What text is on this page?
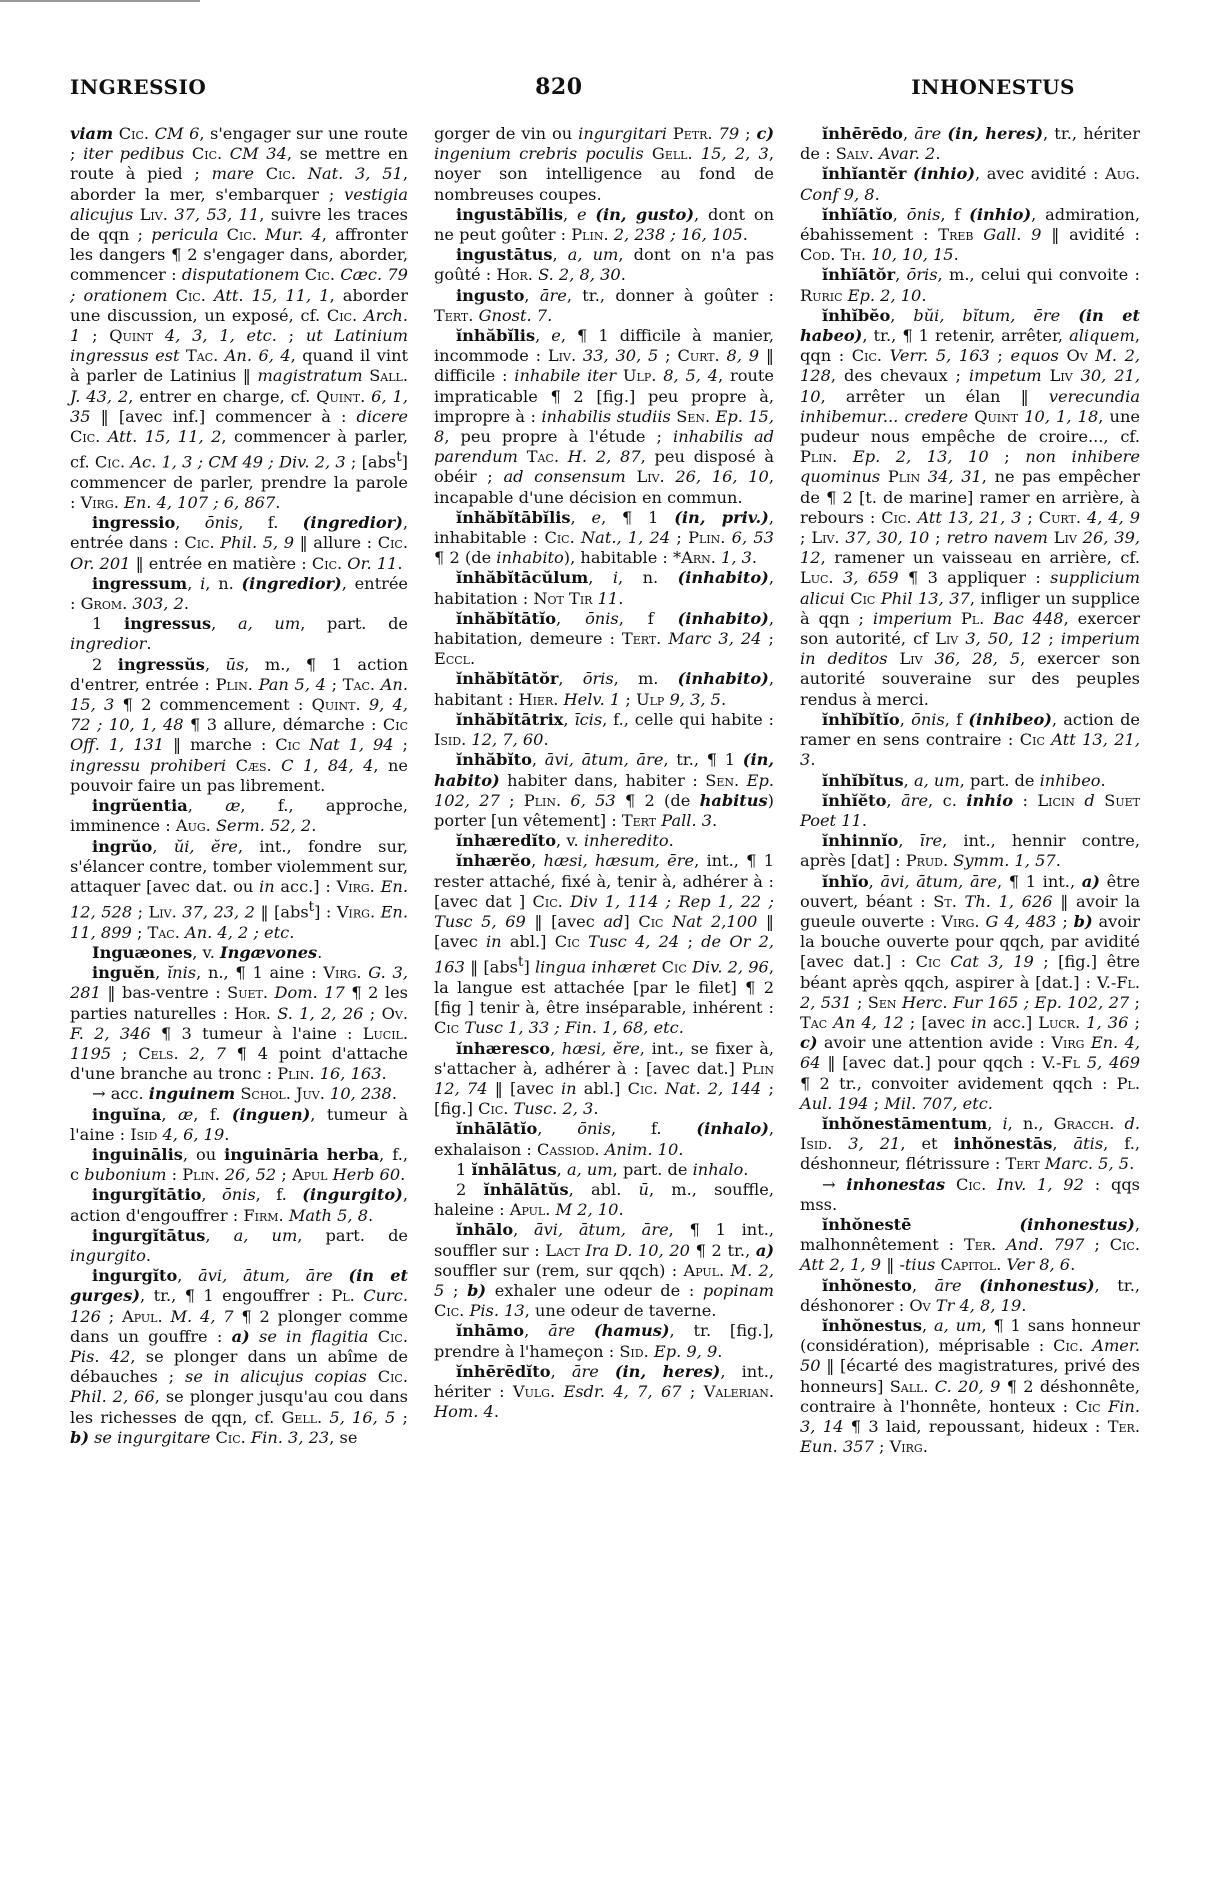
INGRESSIO	820	INHONESTUS

viam Cic. CM 6, s'engager sur une route ; iter pedibus Cic. CM 34, se mettre en route à pied ; mare Cic. Nat. 3, 51, aborder la mer, s'embarquer ; vestigia alicujus Liv. 37, 53, 11, suivre les traces de qqn ; pericula Cic. Mur. 4, affronter les dangers ¶ 2 s'engager dans, aborder, commencer : disputationem Cic. Cæc. 79 ; orationem Cic. Att. 15, 11, 1, aborder une discussion, un exposé, cf. Cic. Arch. 1 ; Quint 4, 3, 1, etc. ; ut Latinium ingressus est Tac. An. 6, 4, quand il vint à parler de Latinius ‖ magistratum Sall. J. 43, 2, entrer en charge, cf. Quint. 6, 1, 35 ‖ [avec inf.] commencer à : dicere Cic. Att. 15, 11, 2, commencer à parler, cf. Cic. Ac. 1, 3 ; CM 49 ; Div. 2, 3 ; [abs$^t$] commencer de parler, prendre la parole : Virg. En. 4, 107 ; 6, 867.

ingressio, ōnis, f. (ingredior), entrée dans : Cic. Phil. 5, 9 ‖ allure : Cic. Or. 201 ‖ entrée en matière : Cic. Or. 11.

ingressum, i, n. (ingredior), entrée : Grom. 303, 2.

1 ingressus, a, um, part. de ingredior.

2 ingressŭs, ūs, m., ¶ 1 action d'entrer, entrée : Plin. Pan 5, 4 ; Tac. An. 15, 3 ¶ 2 commencement : Quint. 9, 4, 72 ; 10, 1, 48 ¶ 3 allure, démarche : Cic Off. 1, 131 ‖ marche : Cic Nat 1, 94 ; ingressu prohiberi Cæs. C 1, 84, 4, ne pouvoir faire un pas librement.

ingrŭentia, æ, f., approche, imminence : Aug. Serm. 52, 2.

ingrŭo, ŭi, ĕre, int., fondre sur, s'élancer contre, tomber violemment sur, attaquer [avec dat. ou in acc.] : Virg. En. 12, 528 ; Liv. 37, 23, 2 ‖ [abs$^t$] : Virg. En. 11, 899 ; Tac. An. 4, 2 ; etc.

Inguæones, v. Ingævones.

inguĕn, ĭnis, n., ¶ 1 aine : Virg. G. 3, 281 ‖ bas-ventre : Suet. Dom. 17 ¶ 2 les parties naturelles : Hor. S. 1, 2, 26 ; Ov. F. 2, 346 ¶ 3 tumeur à l'aine : Lucil. 1195 ; Cels. 2, 7 ¶ 4 point d'attache d'une branche au tronc : Plin. 16, 163.

→ acc. inguinem Schol. Juv. 10, 238.

inguĭna, æ, f. (inguen), tumeur à l'aine : Isid 4, 6, 19.

inguinālis, ou inguināria herba, f., c bubonium : Plin. 26, 52 ; Apul Herb 60.

ingurgĭtātio, ōnis, f. (ingurgito), action d'engouffrer : Firm. Math 5, 8.

ingurgĭtātus, a, um, part. de ingurgito.

ingurgĭto, āvi, ātum, āre (in et gurges), tr., ¶ 1 engouffrer : Pl. Curc. 126 ; Apul. M. 4, 7 ¶ 2 plonger comme dans un gouffre : a) se in flagitia Cic. Pis. 42, se plonger dans un abîme de débauches ; se in alicujus copias Cic. Phil. 2, 66, se plonger jusqu'au cou dans les richesses de qqn, cf. Gell. 5, 16, 5 ; b) se ingurgitare Cic. Fin. 3, 23, se

gorger de vin ou ingurgitari Petr. 79 ; c) ingenium crebris poculis Gell. 15, 2, 3, noyer son intelligence au fond de nombreuses coupes.

ingustābĭlis, e (in, gusto), dont on ne peut goûter : Plin. 2, 238 ; 16, 105.

ingustātus, a, um, dont on n'a pas goûté : Hor. S. 2, 8, 30.

ingusto, āre, tr., donner à goûter : Tert. Gnost. 7.

ĭnhăbĭlis, e, ¶ 1 difficile à manier, incommode : Liv. 33, 30, 5 ; Curt. 8, 9 ‖ difficile : inhabile iter Ulp. 8, 5, 4, route impraticable ¶ 2 [fig.] peu propre à, impropre à : inhabilis studiis Sen. Ep. 15, 8, peu propre à l'étude ; inhabilis ad parendum Tac. H. 2, 87, peu disposé à obéir ; ad consensum Liv. 26, 16, 10, incapable d'une décision en commun.

ĭnhăbĭtābĭlis, e, ¶ 1 (in, priv.), inhabitable : Cic. Nat., 1, 24 ; Plin. 6, 53 ¶ 2 (de inhabito), habitable : *Arn. 1, 3.

ĭnhăbĭtācŭlum, i, n. (inhabito), habitation : Not Tir 11.

ĭnhăbĭtātĭo, ōnis, f (inhabito), habitation, demeure : Tert. Marc 3, 24 ; Eccl.

ĭnhăbĭtātŏr, ōris, m. (inhabito), habitant : Hier. Helv. 1 ; Ulp 9, 3, 5.

ĭnhăbĭtātrix, īcis, f., celle qui habite : Isid. 12, 7, 60.

ĭnhăbĭto, āvi, ātum, āre, tr., ¶ 1 (in, habito) habiter dans, habiter : Sen. Ep. 102, 27 ; Plin. 6, 53 ¶ 2 (de habitus) porter [un vêtement] : Tert Pall. 3.

ĭnhæredĭto, v. inheredito.

ĭnhærĕo, hæsi, hæsum, ēre, int., ¶ 1 rester attaché, fixé à, tenir à, adhérer à : [avec dat ] Cic. Div 1, 114 ; Rep 1, 22 ; Tusc 5, 69 ‖ [avec ad] Cic Nat 2,100 ‖ [avec in abl.] Cic Tusc 4, 24 ; de Or 2, 163 ‖ [abs$^t$] lingua inhæret Cic Div. 2, 96, la langue est attachée [par le filet] ¶ 2 [fig ] tenir à, être inséparable, inhérent : Cic Tusc 1, 33 ; Fin. 1, 68, etc.

ĭnhæresco, hæsi, ĕre, int., se fixer à, s'attacher à, adhérer à : [avec dat.] Plin 12, 74 ‖ [avec in abl.] Cic. Nat. 2, 144 ; [fig.] Cic. Tusc. 2, 3.

ĭnhālātĭo, ōnis, f. (inhalo), exhalaison : Cassiod. Anim. 10.

1 ĭnhālātus, a, um, part. de inhalo.

2 ĭnhālātŭs, abl. ū, m., souffle, haleine : Apul. M 2, 10.

ĭnhālo, āvi, ātum, āre, ¶ 1 int., souffler sur : Lact Ira D. 10, 20 ¶ 2 tr., a) souffler sur (rem, sur qqch) : Apul. M. 2, 5 ; b) exhaler une odeur de : popinam Cic. Pis. 13, une odeur de taverne.

ĭnhāmo, āre (hamus), tr. [fig.], prendre à l'hameçon : Sid. Ep. 9, 9.

ĭnhērēdĭto, āre (in, heres), int., hériter : Vulg. Esdr. 4, 7, 67 ; Valerian. Hom. 4.

ĭnhērēdo, āre (in, heres), tr., hériter de : Salv. Avar. 2.

ĭnhĭantĕr (inhio), avec avidité : Aug. Conf 9, 8.

ĭnhĭātĭo, ōnis, f (inhio), admiration, ébahissement : Treb Gall. 9 ‖ avidité : Cod. Th. 10, 10, 15.

ĭnhĭātŏr, ōris, m., celui qui convoite : Ruric Ep. 2, 10.

ĭnhĭbĕo, bŭi, bĭtum, ēre (in et habeo), tr., ¶ 1 retenir, arrêter, aliquem, qqn : Cic. Verr. 5, 163 ; equos Ov M. 2, 128, des chevaux ; impetum Liv 30, 21, 10, arrêter un élan ‖ verecundia inhibemur... credere Quint 10, 1, 18, une pudeur nous empêche de croire..., cf. Plin. Ep. 2, 13, 10 ; non inhibere quominus Plin 34, 31, ne pas empêcher de ¶ 2 [t. de marine] ramer en arrière, à rebours : Cic. Att 13, 21, 3 ; Curt. 4, 4, 9 ; Liv. 37, 30, 10 ; retro navem Liv 26, 39, 12, ramener un vaisseau en arrière, cf. Luc. 3, 659 ¶ 3 appliquer : supplicium alicui Cic Phil 13, 37, infliger un supplice à qqn ; imperium Pl. Bac 448, exercer son autorité, cf Liv 3, 50, 12 ; imperium in deditos Liv 36, 28, 5, exercer son autorité souveraine sur des peuples rendus à merci.

ĭnhĭbĭtĭo, ōnis, f (inhibeo), action de ramer en sens contraire : Cic Att 13, 21, 3.

ĭnhĭbĭtus, a, um, part. de inhibeo.

ĭnhĭĕto, āre, c. inhio : Licin d Suet Poet 11.

ĭnhinnĭo, īre, int., hennir contre, après [dat] : Prud. Symm. 1, 57.

ĭnhĭo, āvi, ātum, āre, ¶ 1 int., a) être ouvert, béant : St. Th. 1, 626 ‖ avoir la gueule ouverte : Virg. G 4, 483 ; b) avoir la bouche ouverte pour qqch, par avidité [avec dat.] : Cic Cat 3, 19 ; [fig.] être béant après qqch, aspirer à [dat.] : V.-Fl. 2, 531 ; Sen Herc. Fur 165 ; Ep. 102, 27 ; Tac An 4, 12 ; [avec in acc.] Lucr. 1, 36 ; c) avoir une attention avide : Virg En. 4, 64 ‖ [avec dat.] pour qqch : V.-Fl 5, 469 ¶ 2 tr., convoiter avidement qqch : Pl. Aul. 194 ; Mil. 707, etc.

ĭnhŏnestāmentum, i, n., Gracch. d. Isid. 3, 21, et inhŏnestās, ātis, f., déshonneur, flétrissure : Tert Marc. 5, 5.

→ inhonestas Cic. Inv. 1, 92 : qqs mss.

ĭnhŏnestē	(inhonestus), malhonnêtement : Ter. And. 797 ; Cic. Att 2, 1, 9 ‖ -tius Capitol. Ver 8, 6.

ĭnhŏnesto, āre (inhonestus), tr., déshonorer : Ov Tr 4, 8, 19.

ĭnhŏnestus, a, um, ¶ 1 sans honneur (considération), méprisable : Cic. Amer. 50 ‖ [écarté des magistratures, privé des honneurs] Sall. C. 20, 9 ¶ 2 déshonnête, contraire à l'honnête, honteux : Cic Fin. 3, 14 ¶ 3 laid, repoussant, hideux : Ter. Eun. 357 ; Virg.
